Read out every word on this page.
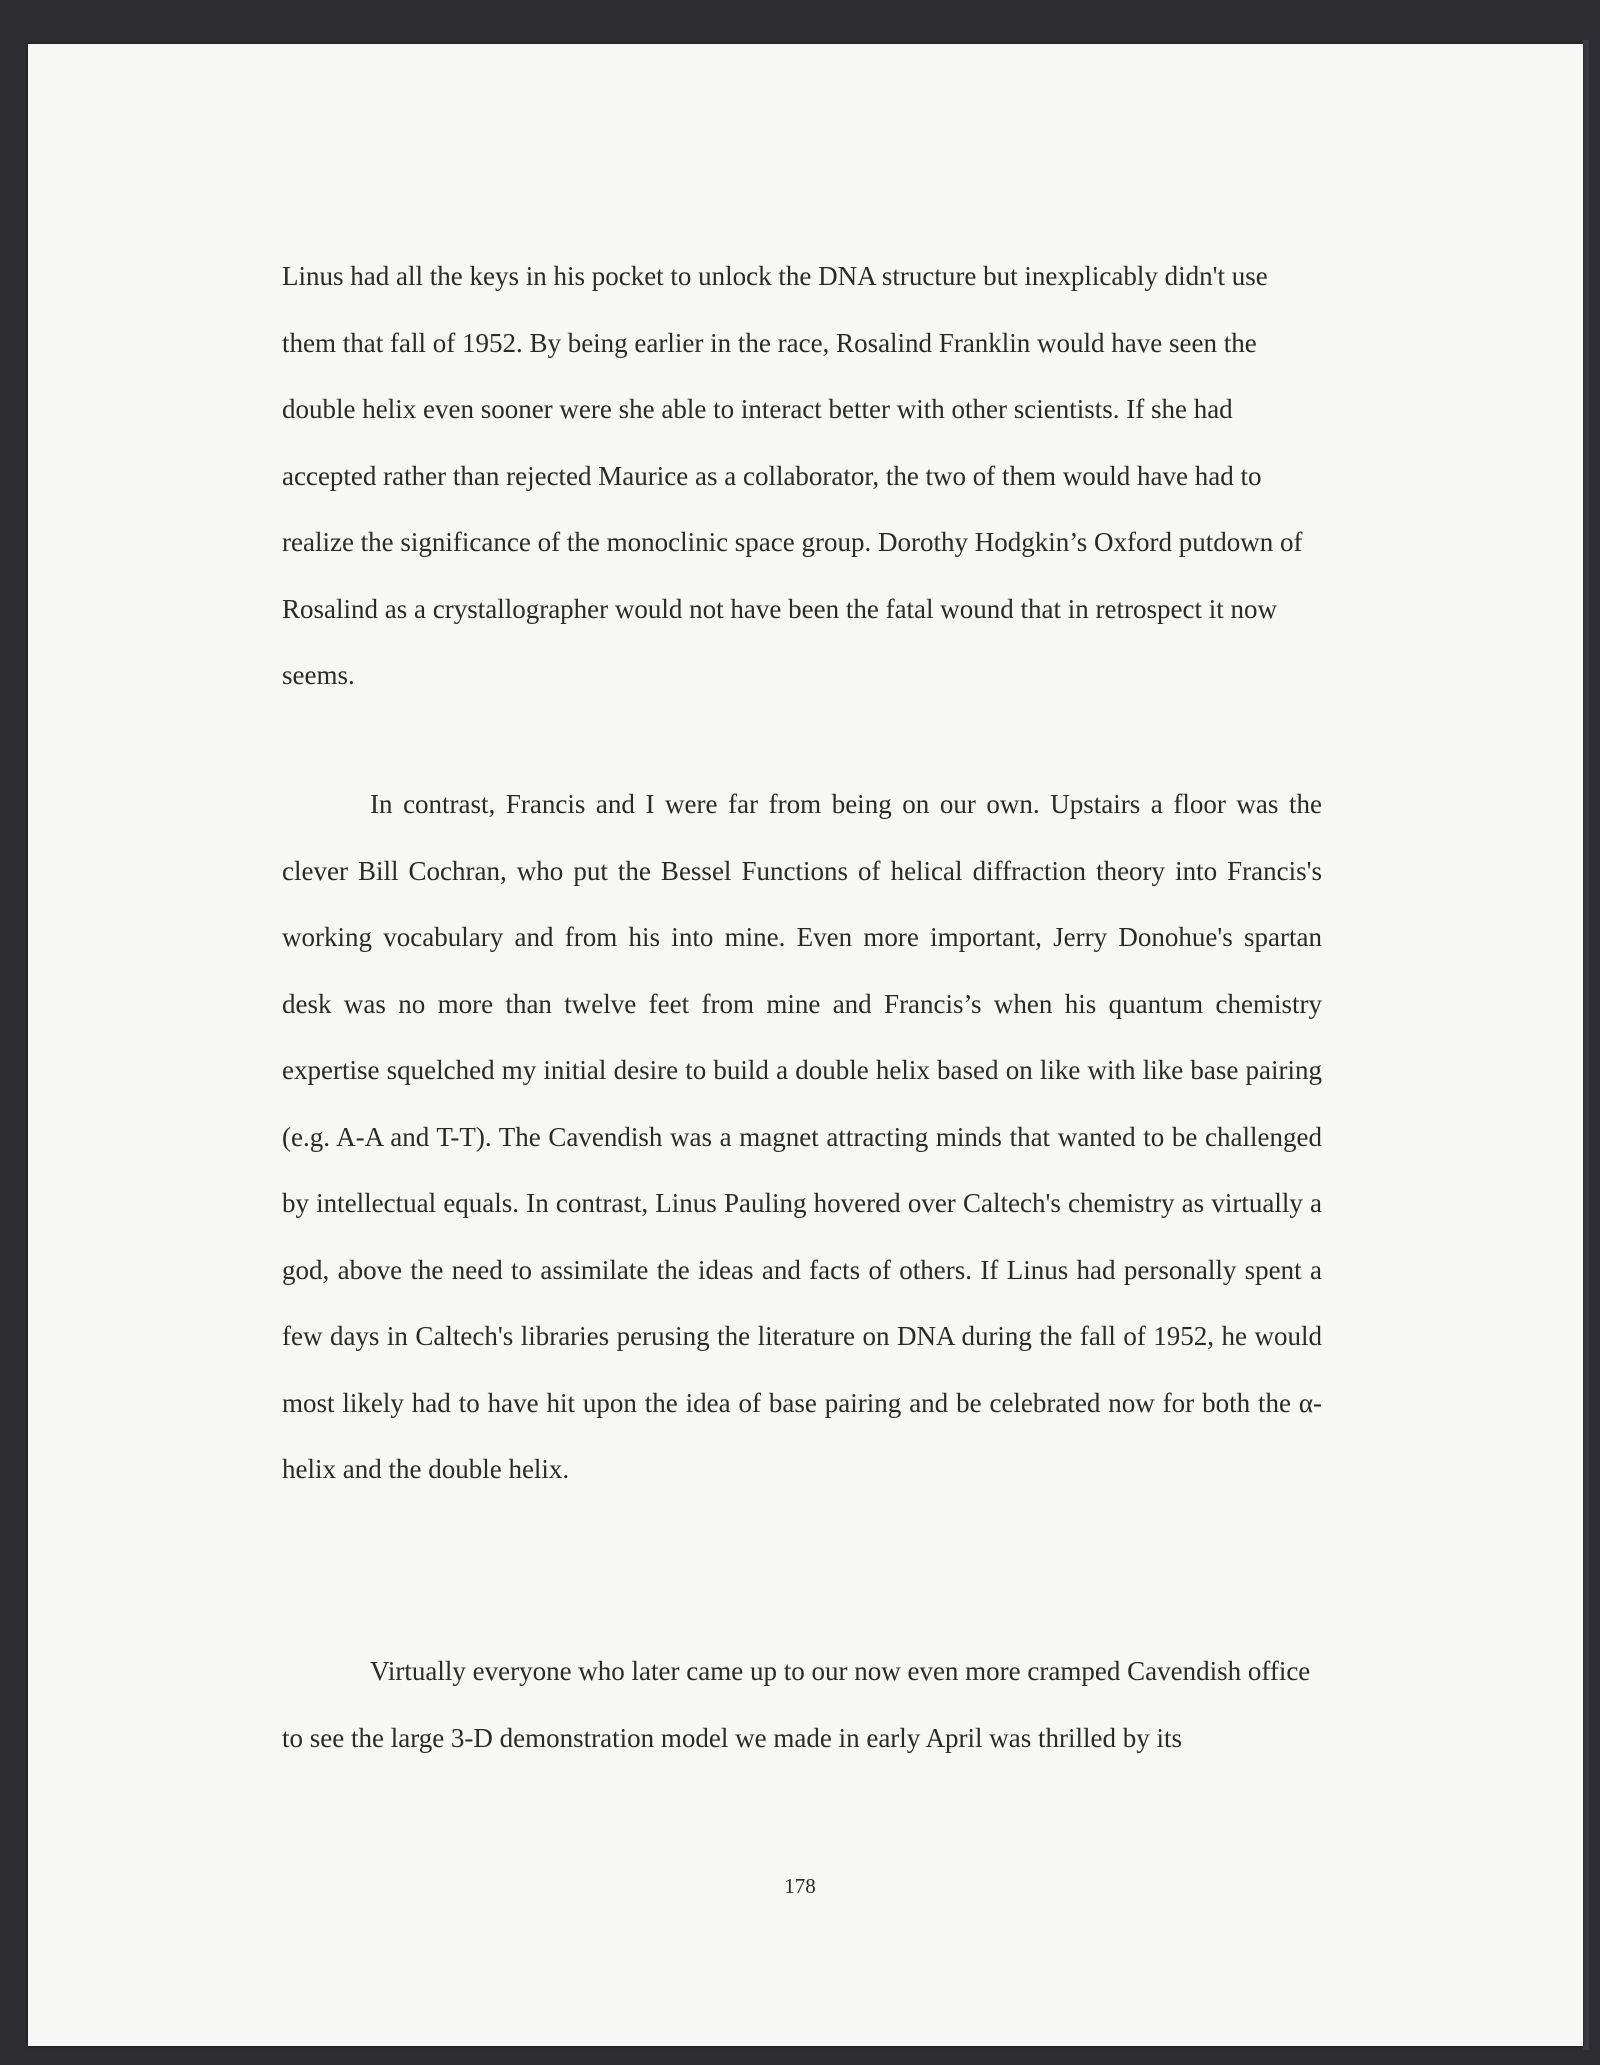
Linus had all the keys in his pocket to unlock the DNA structure but inexplicably didn't use them that fall of 1952. By being earlier in the race, Rosalind Franklin would have seen the double helix even sooner were she able to interact better with other scientists. If she had accepted rather than rejected Maurice as a collaborator, the two of them would have had to realize the significance of the monoclinic space group. Dorothy Hodgkin’s Oxford putdown of Rosalind as a crystallographer would not have been the fatal wound that in retrospect it now seems.

In contrast, Francis and I were far from being on our own. Upstairs a floor was the clever Bill Cochran, who put the Bessel Functions of helical diffraction theory into Francis's working vocabulary and from his into mine. Even more important, Jerry Donohue's spartan desk was no more than twelve feet from mine and Francis’s when his quantum chemistry expertise squelched my initial desire to build a double helix based on like with like base pairing (e.g. A-A and T-T). The Cavendish was a magnet attracting minds that wanted to be challenged by intellectual equals. In contrast, Linus Pauling hovered over Caltech's chemistry as virtually a god, above the need to assimilate the ideas and facts of others. If Linus had personally spent a few days in Caltech's libraries perusing the literature on DNA during the fall of 1952, he would most likely had to have hit upon the idea of base pairing and be celebrated now for both the α-helix and the double helix.

Virtually everyone who later came up to our now even more cramped Cavendish office to see the large 3-D demonstration model we made in early April was thrilled by its

178
